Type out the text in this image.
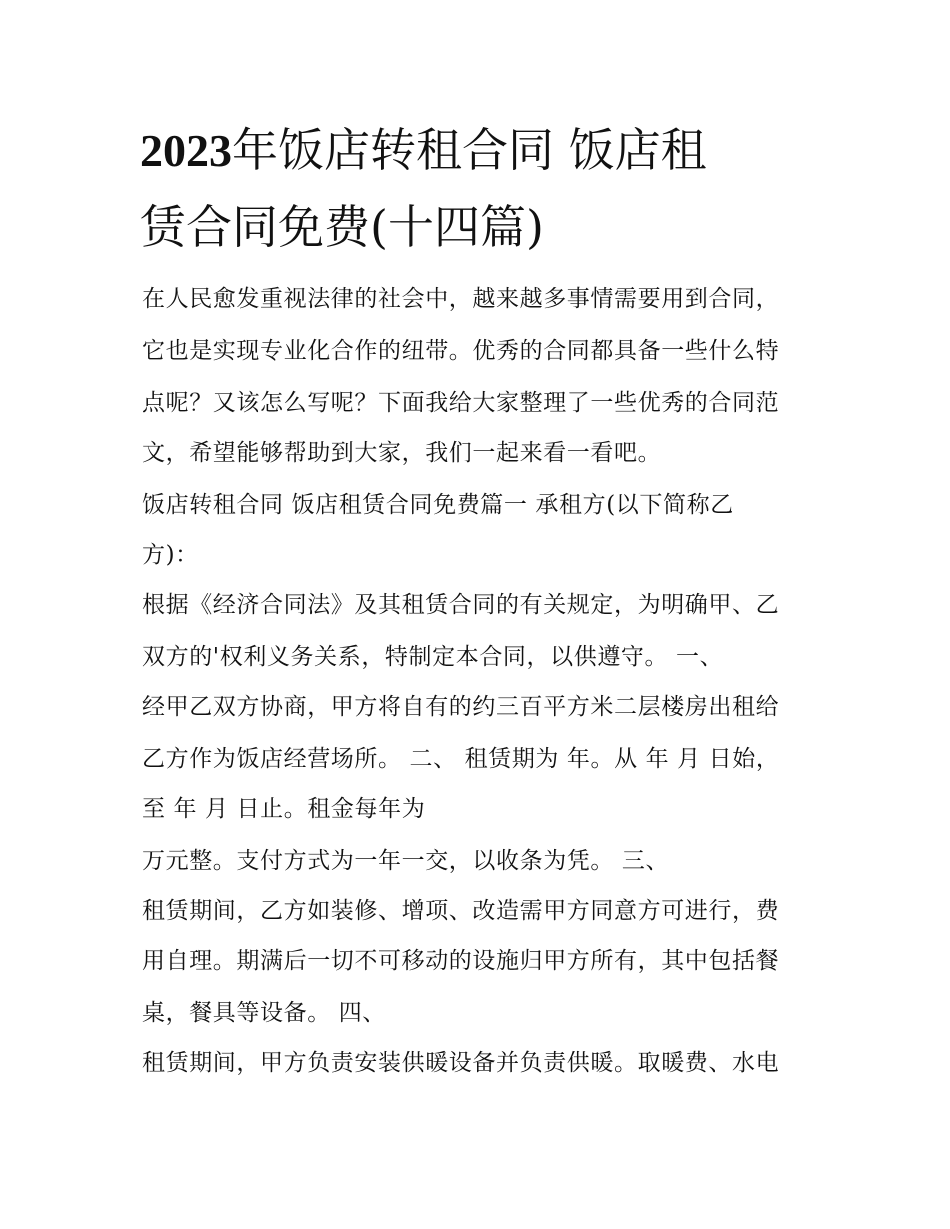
2023年饭店转租合同 饭店租
赁合同免费(十四篇)

在人民愈发重视法律的社会中，越来越多事情需要用到合同，

它也是实现专业化合作的纽带。优秀的合同都具备一些什么特

点呢？又该怎么写呢？下面我给大家整理了一些优秀的合同范

文，希望能够帮助到大家，我们一起来看一看吧。

饭店转租合同 饭店租赁合同免费篇一 承租方(以下简称乙

方)：

根据《经济合同法》及其租赁合同的有关规定，为明确甲、乙

双方的'权利义务关系，特制定本合同，以供遵守。 一、

经甲乙双方协商，甲方将自有的约三百平方米二层楼房出租给

乙方作为饭店经营场所。 二、 租赁期为 年。从 年 月 日始，

至 年 月 日止。租金每年为

万元整。支付方式为一年一交，以收条为凭。 三、

租赁期间，乙方如装修、增项、改造需甲方同意方可进行，费

用自理。期满后一切不可移动的设施归甲方所有，其中包括餐

桌，餐具等设备。 四、

租赁期间，甲方负责安装供暖设备并负责供暖。取暖费、水电
